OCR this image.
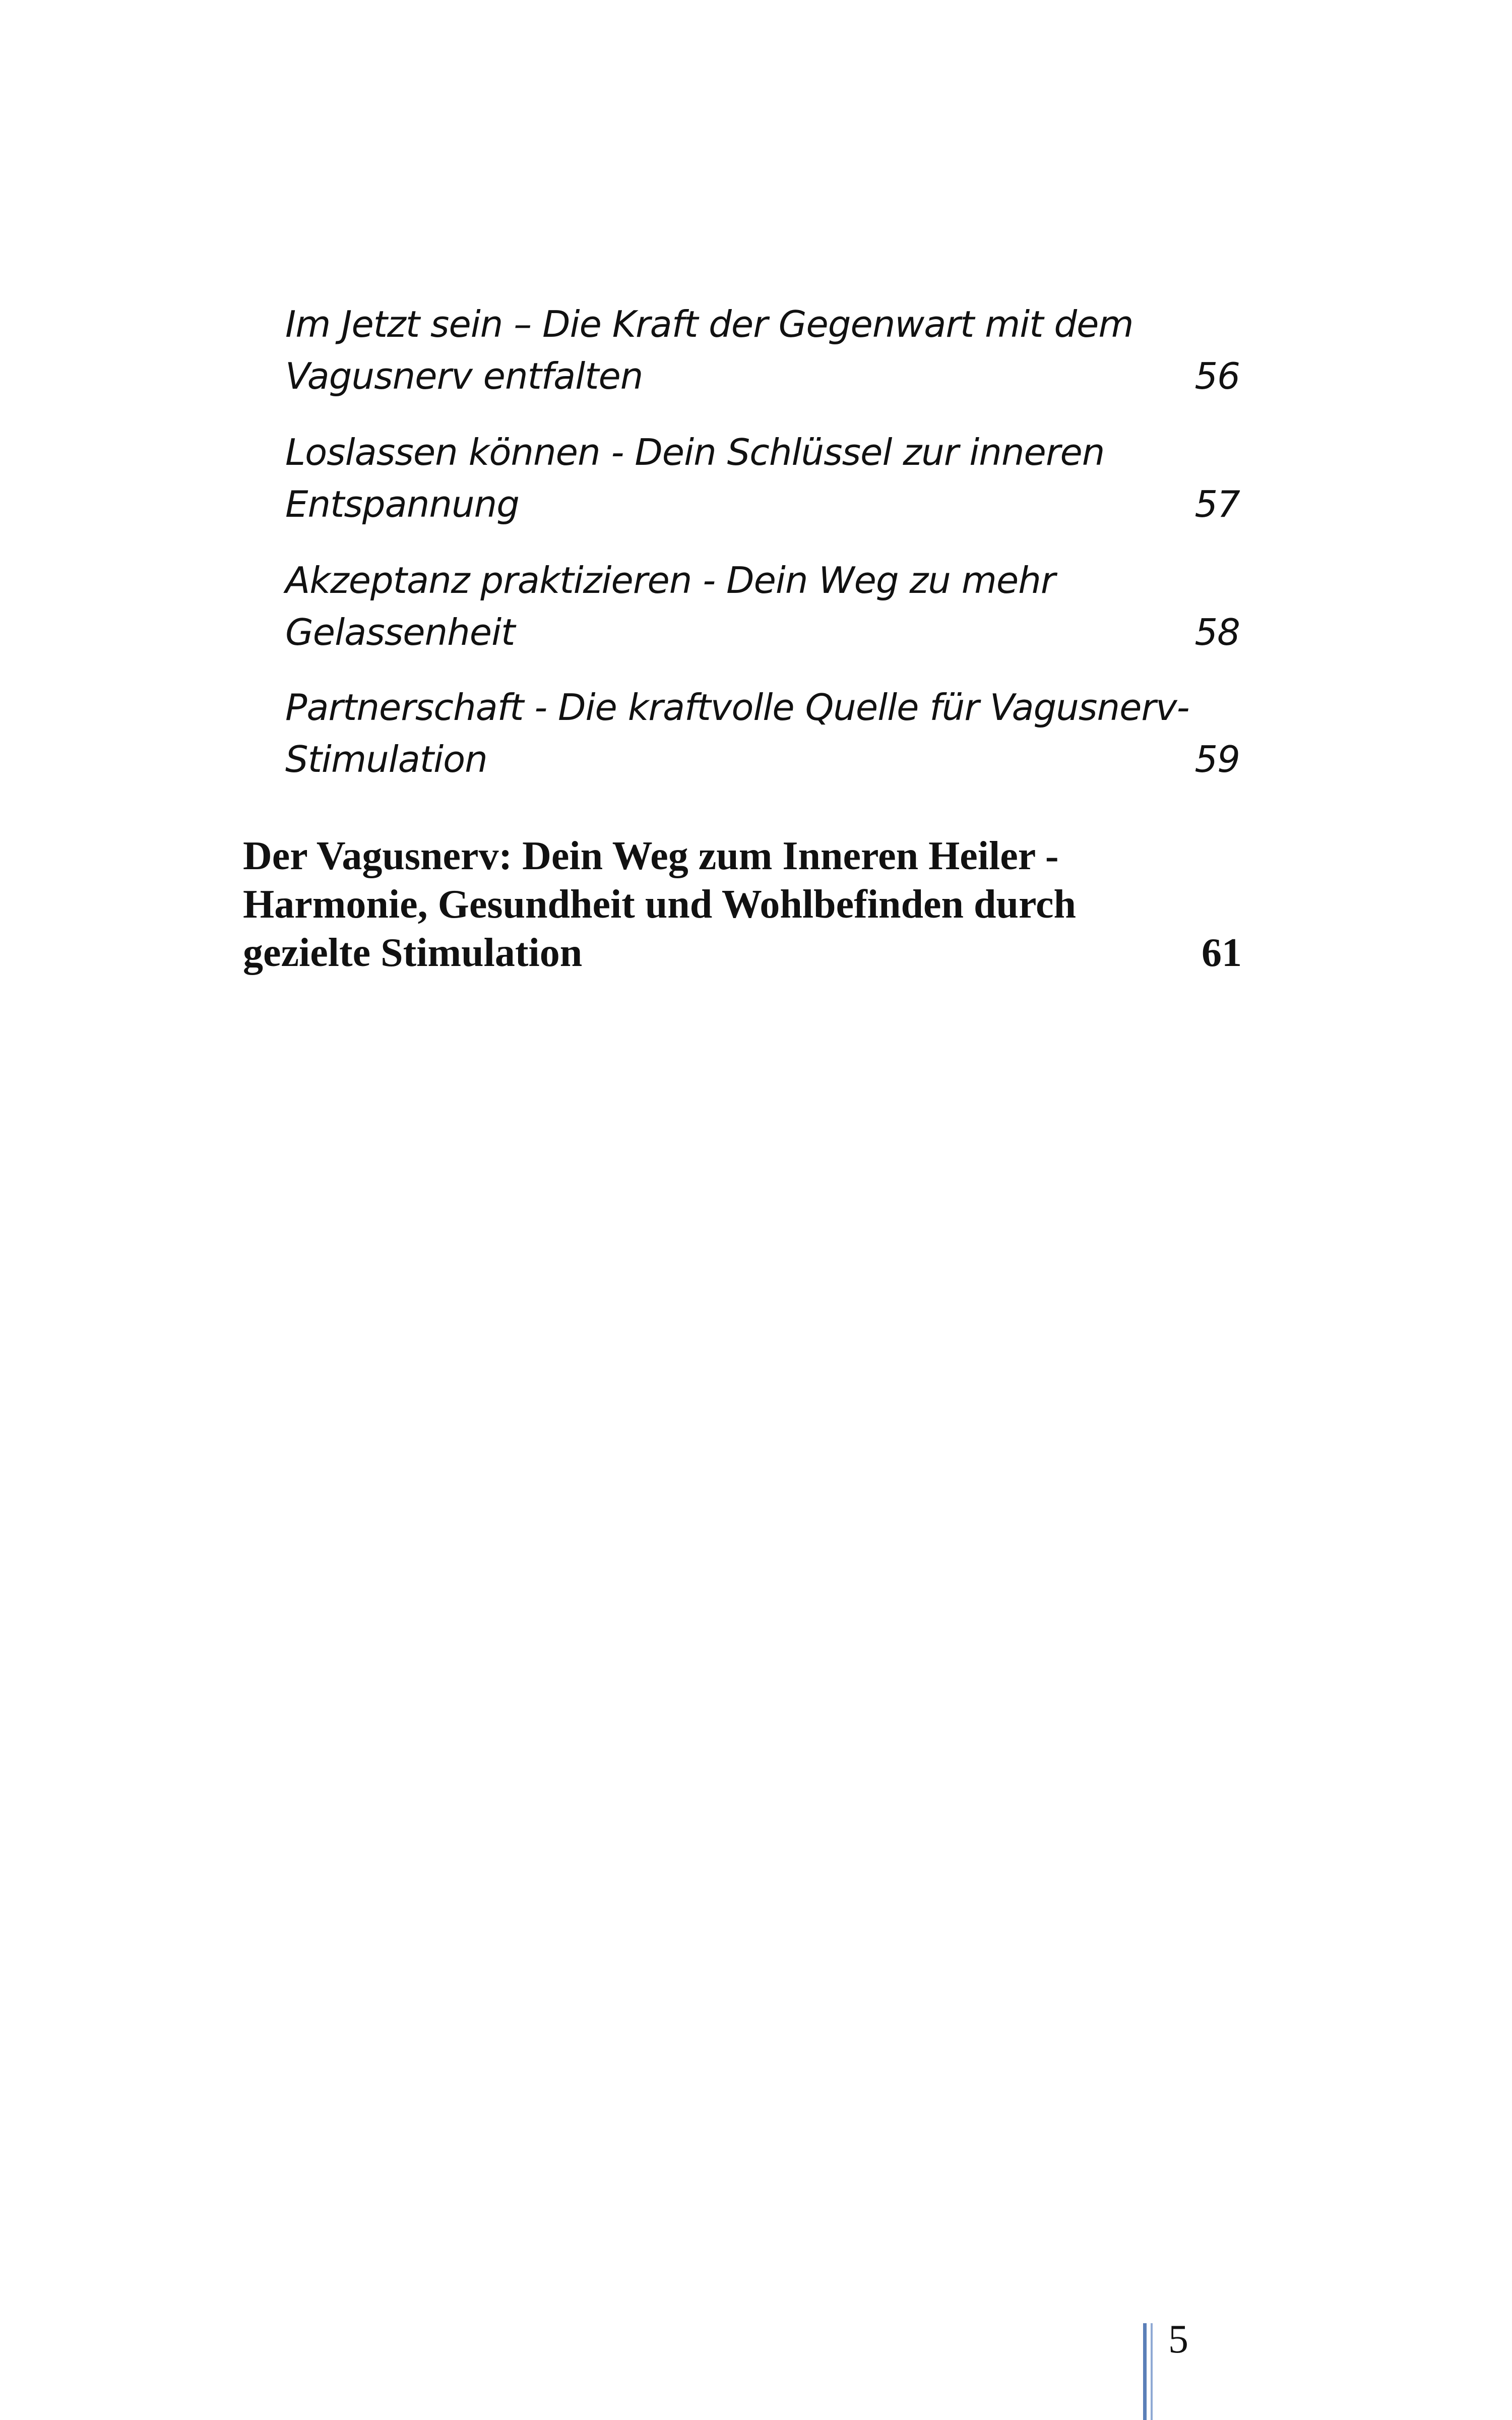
Im Jetzt sein – Die Kraft der Gegenwart mit dem
Vagusnerv entfalten	56
Loslassen können - Dein Schlüssel zur inneren
Entspannung	57
Akzeptanz praktizieren - Dein Weg zu mehr
Gelassenheit	58
Partnerschaft - Die kraftvolle Quelle für Vagusnerv-
Stimulation	59
Der Vagusnerv: Dein Weg zum Inneren Heiler -
Harmonie, Gesundheit und Wohlbefinden durch
gezielte Stimulation	61
5
